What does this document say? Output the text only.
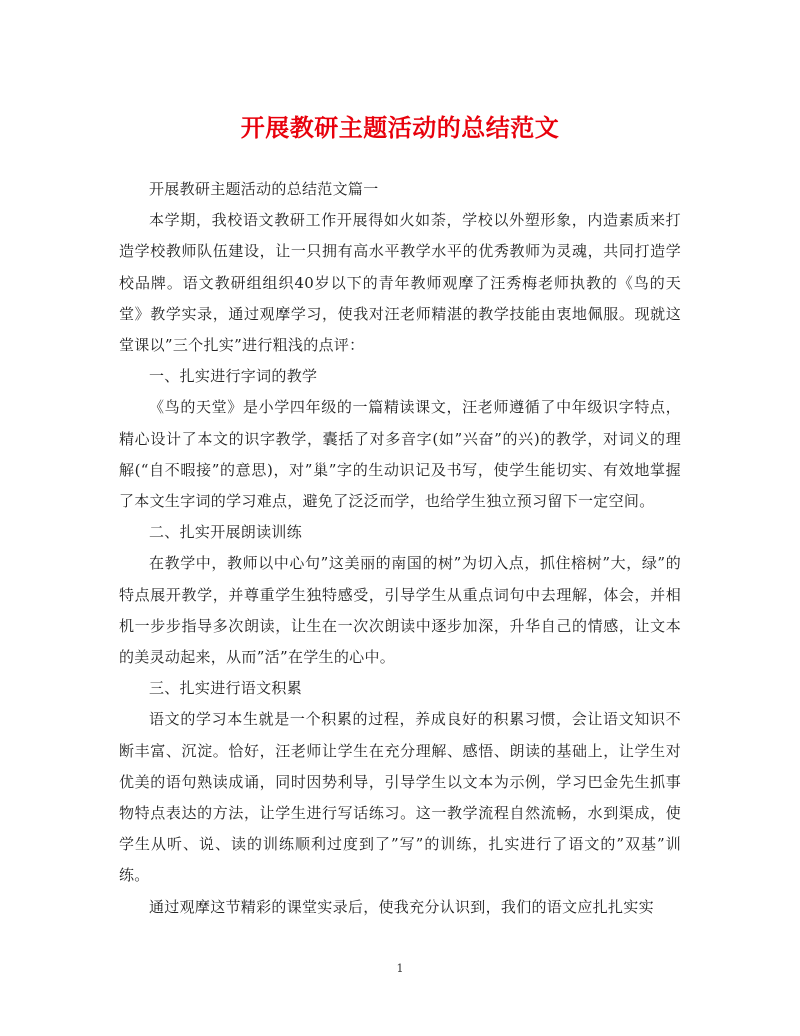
开展教研主题活动的总结范文

开展教研主题活动的总结范文篇一

本学期，我校语文教研工作开展得如火如荼，学校以外塑形象，内造素质来打造学校教师队伍建设，让一只拥有高水平教学水平的优秀教师为灵魂，共同打造学校品牌。语文教研组组织40岁以下的青年教师观摩了汪秀梅老师执教的《鸟的天堂》教学实录，通过观摩学习，使我对汪老师精湛的教学技能由衷地佩服。现就这堂课以”三个扎实”进行粗浅的点评：

一、扎实进行字词的教学

《鸟的天堂》是小学四年级的一篇精读课文，汪老师遵循了中年级识字特点，精心设计了本文的识字教学，囊括了对多音字(如”兴奋”的兴)的教学，对词义的理解(“自不暇接”的意思)，对”巢”字的生动识记及书写，使学生能切实、有效地掌握了本文生字词的学习难点，避免了泛泛而学，也给学生独立预习留下一定空间。

二、扎实开展朗读训练

在教学中，教师以中心句”这美丽的南国的树”为切入点，抓住榕树”大，绿”的特点展开教学，并尊重学生独特感受，引导学生从重点词句中去理解，体会，并相机一步步指导多次朗读，让生在一次次朗读中逐步加深，升华自己的情感，让文本的美灵动起来，从而”活”在学生的心中。

三、扎实进行语文积累

语文的学习本生就是一个积累的过程，养成良好的积累习惯，会让语文知识不断丰富、沉淀。恰好，汪老师让学生在充分理解、感悟、朗读的基础上，让学生对优美的语句熟读成诵，同时因势利导，引导学生以文本为示例，学习巴金先生抓事物特点表达的方法，让学生进行写话练习。这一教学流程自然流畅，水到渠成，使学生从听、说、读的训练顺利过度到了”写”的训练，扎实进行了语文的”双基”训练。

通过观摩这节精彩的课堂实录后，使我充分认识到，我们的语文应扎扎实实

1
